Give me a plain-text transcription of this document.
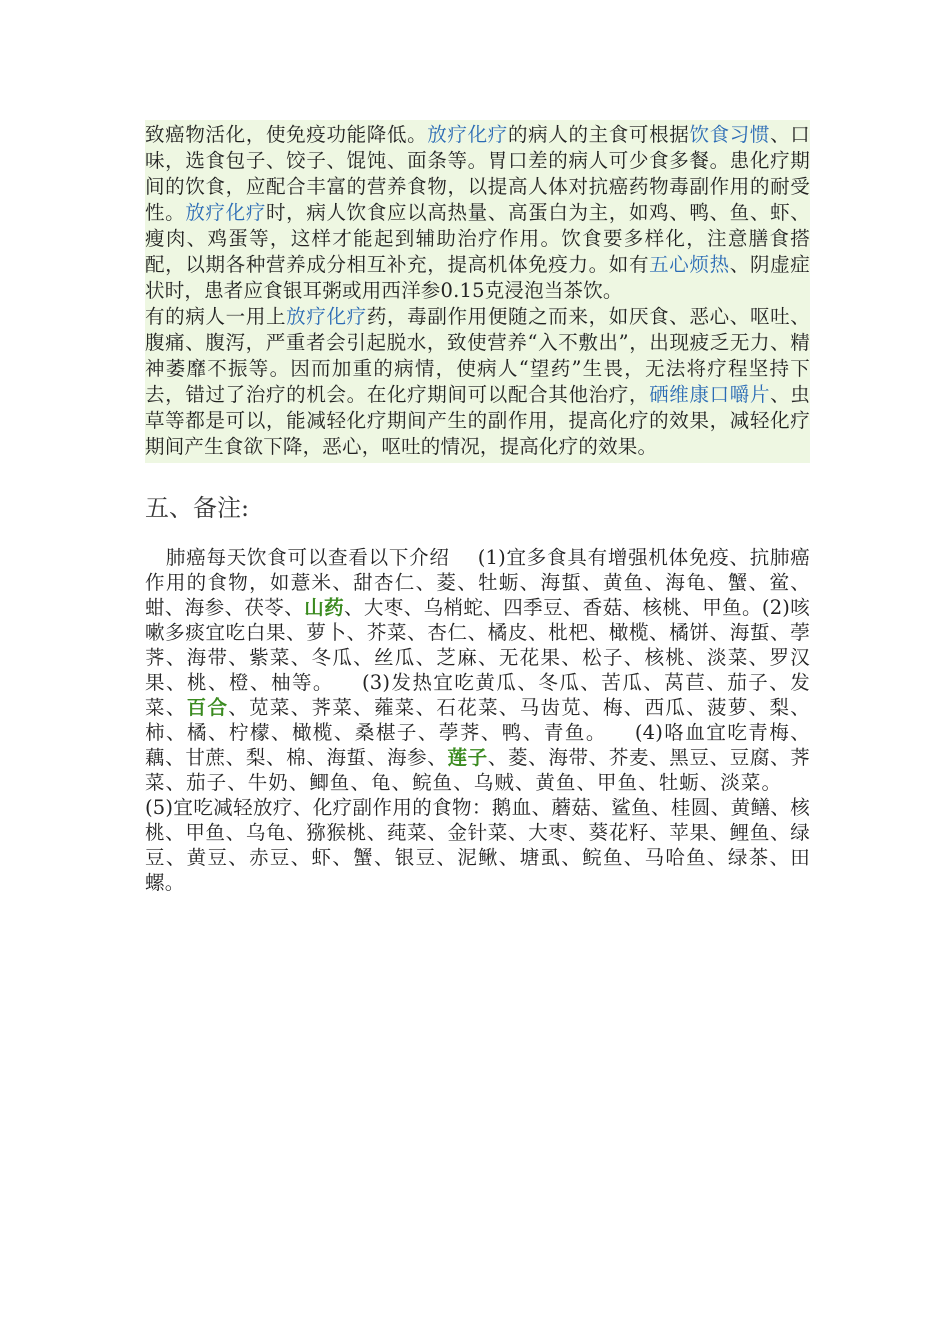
致癌物活化，使免疫功能降低。放疗化疗的病人的主食可根据饮食习惯、口味，选食包子、饺子、馄饨、面条等。胃口差的病人可少食多餐。患化疗期间的饮食，应配合丰富的营养食物，以提高人体对抗癌药物毒副作用的耐受性。放疗化疗时，病人饮食应以高热量、高蛋白为主，如鸡、鸭、鱼、虾、瘦肉、鸡蛋等，这样才能起到辅助治疗作用。饮食要多样化，注意膳食搭配，以期各种营养成分相互补充，提高机体免疫力。如有五心烦热、阴虚症状时，患者应食银耳粥或用西洋参0.15克浸泡当茶饮。

有的病人一用上放疗化疗药，毒副作用便随之而来，如厌食、恶心、呕吐、腹痛、腹泻，严重者会引起脱水，致使营养“入不敷出”，出现疲乏无力、精神萎靡不振等。因而加重的病情，使病人“望药”生畏，无法将疗程坚持下去，错过了治疗的机会。在化疗期间可以配合其他治疗，硒维康口嚼片、虫草等都是可以，能减轻化疗期间产生的副作用，提高化疗的效果，减轻化疗期间产生食欲下降，恶心，呕吐的情况，提高化疗的效果。

五、备注:

肺癌每天饮食可以查看以下介绍 (1)宜多食具有增强机体免疫、抗肺癌作用的食物，如薏米、甜杏仁、菱、牡蛎、海蜇、黄鱼、海龟、蟹、鲎、蚶、海参、茯苓、山药、大枣、乌梢蛇、四季豆、香菇、核桃、甲鱼。(2)咳嗽多痰宜吃白果、萝卜、芥菜、杏仁、橘皮、枇杷、橄榄、橘饼、海蜇、荸荠、海带、紫菜、冬瓜、丝瓜、芝麻、无花果、松子、核桃、淡菜、罗汉果、桃、橙、柚等。 (3)发热宜吃黄瓜、冬瓜、苦瓜、莴苣、茄子、发菜、百合、苋菜、荠菜、蕹菜、石花菜、马齿苋、梅、西瓜、菠萝、梨、柿、橘、柠檬、橄榄、桑椹子、荸荠、鸭、青鱼。 (4)咯血宜吃青梅、藕、甘蔗、梨、棉、海蜇、海参、莲子、菱、海带、芥麦、黑豆、豆腐、荠菜、茄子、牛奶、鲫鱼、龟、鲩鱼、乌贼、黄鱼、甲鱼、牡蛎、淡菜。(5)宜吃减轻放疗、化疗副作用的食物：鹅血、蘑菇、鲨鱼、桂圆、黄鳝、核桃、甲鱼、乌龟、猕猴桃、莼菜、金针菜、大枣、葵花籽、苹果、鲤鱼、绿豆、黄豆、赤豆、虾、蟹、银豆、泥鳅、塘虱、鲩鱼、马哈鱼、绿茶、田螺。
